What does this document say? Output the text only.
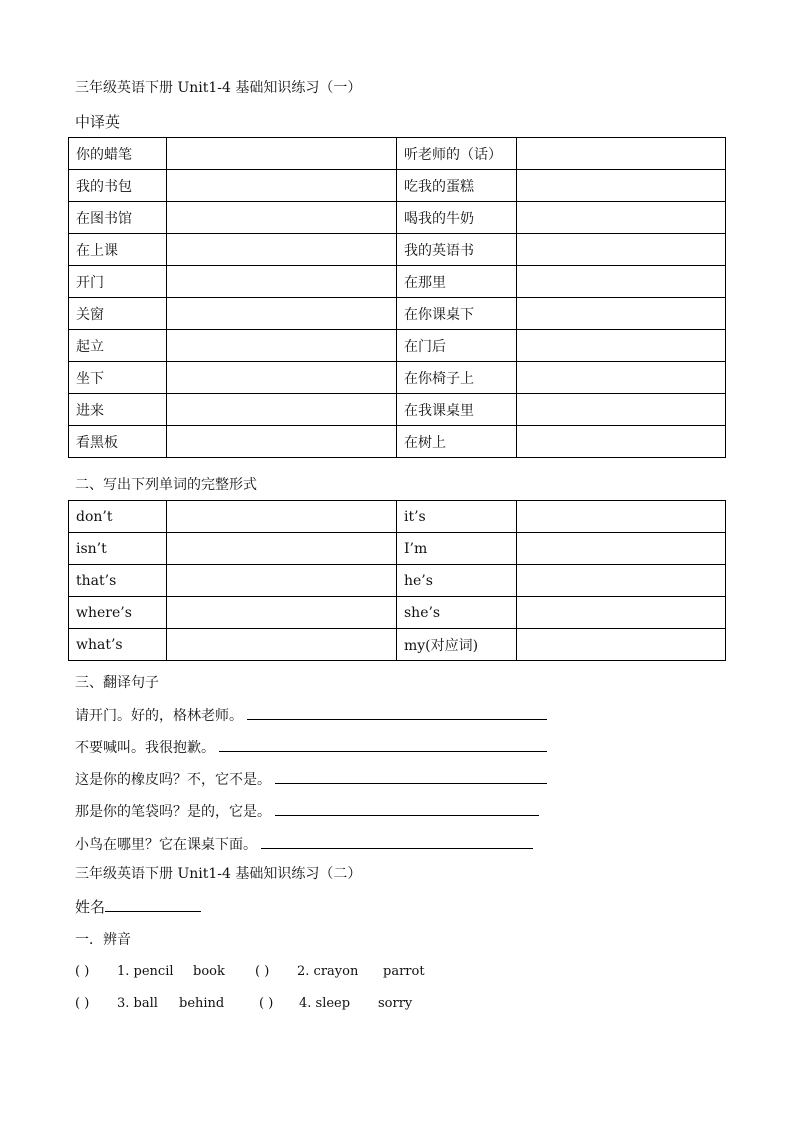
三年级英语下册 Unit1-4 基础知识练习（一）
中译英
你的蜡笔		听老师的（话）	
我的书包		吃我的蛋糕	
在图书馆		喝我的牛奶	
在上课		我的英语书	
开门		在那里	
关窗		在你课桌下	
起立		在门后	
坐下		在你椅子上	
进来		在我课桌里	
看黑板		在树上	
二、写出下列单词的完整形式
don’t		it’s	
isn’t		I’m	
that’s		he’s	
where’s		she’s	
what’s		my(对应词)	
三、翻译句子
请开门。好的，格林老师。
不要喊叫。我很抱歉。
这是你的橡皮吗？不，它不是。
那是你的笔袋吗？是的，它是。
小鸟在哪里？它在课桌下面。
三年级英语下册 Unit1-4 基础知识练习（二）
姓名
一．辨音
( ) 1. pencil book ( ) 2. crayon parrot
( ) 3. ball behind	( ) 4. sleep sorry
